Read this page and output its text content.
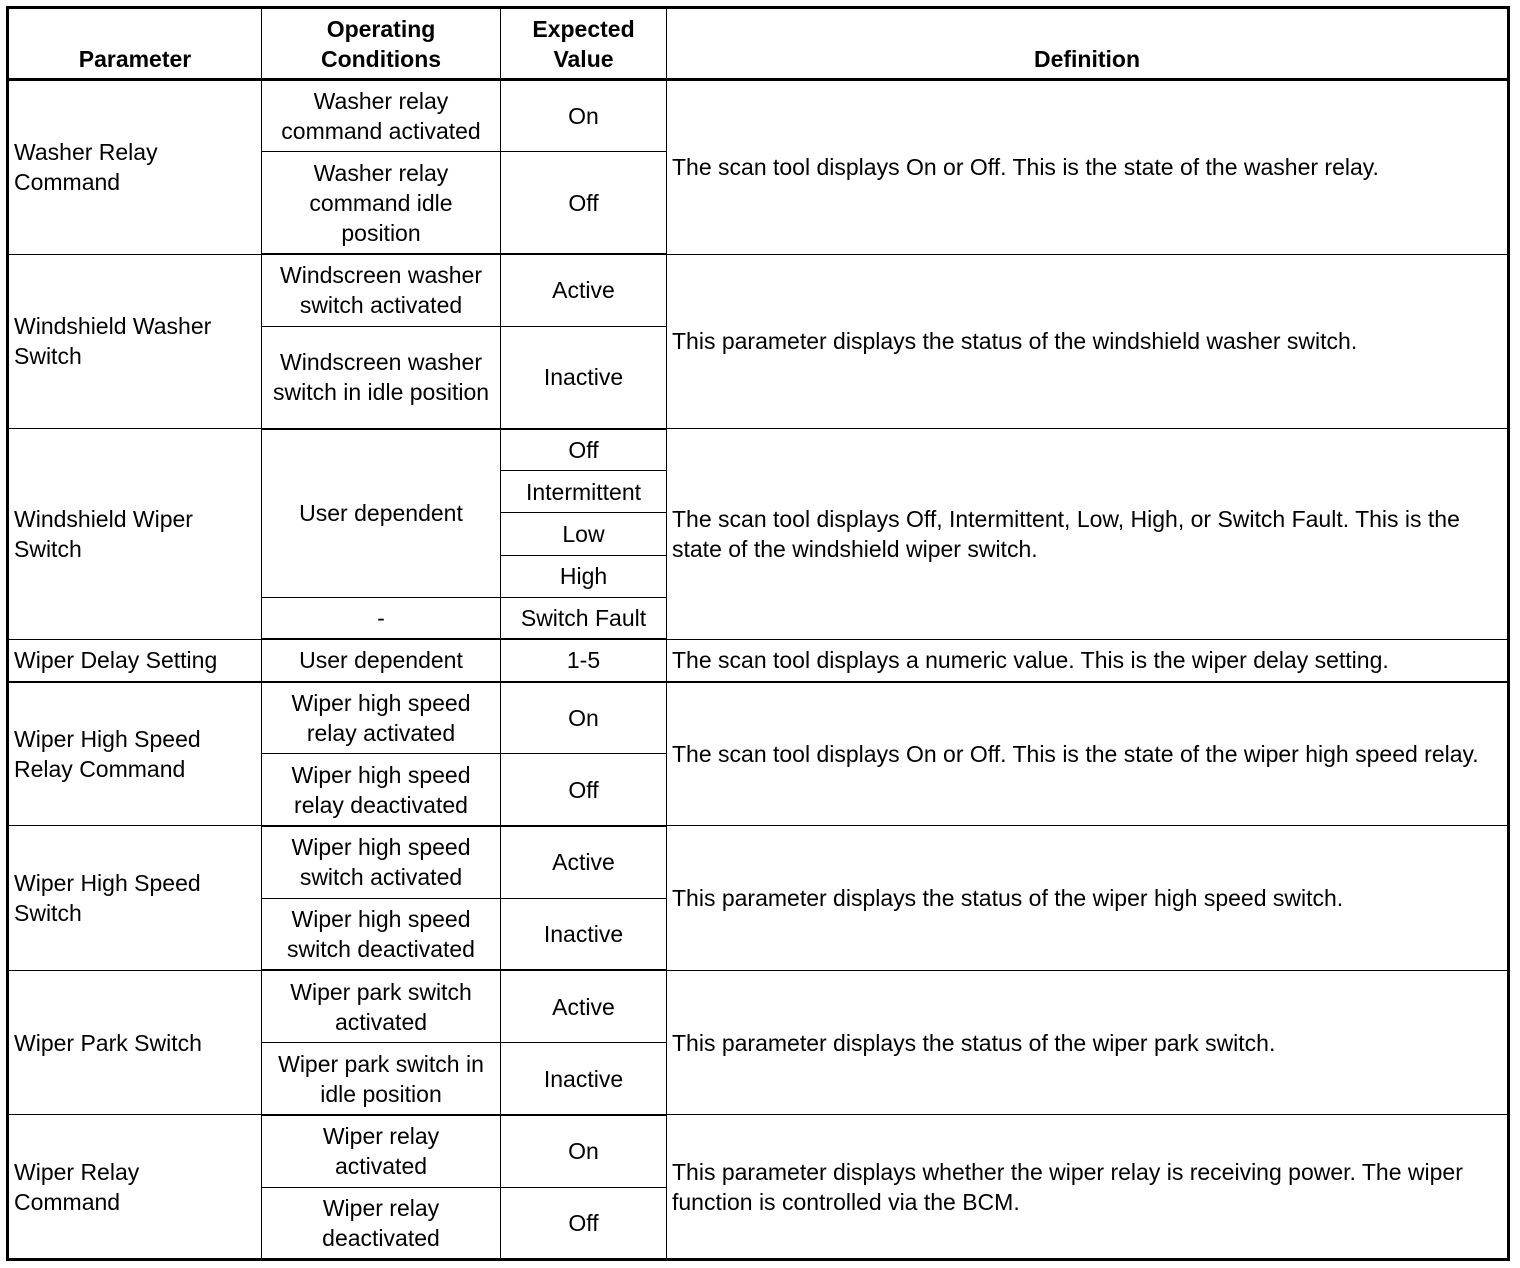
Parameter	Operating Conditions	Expected Value	Definition
Washer Relay Command	Washer relay command activated	On	The scan tool displays On or Off. This is the state of the washer relay.
	Washer relay command idle position	Off	
Windshield Washer Switch	Windscreen washer switch activated	Active	This parameter displays the status of the windshield washer switch.
	Windscreen washer switch in idle position	Inactive	
Windshield Wiper Switch	User dependent	Off	The scan tool displays Off, Intermittent, Low, High, or Switch Fault. This is the state of the windshield wiper switch.
		Intermittent	
		Low	
		High	
	-	Switch Fault	
Wiper Delay Setting	User dependent	1-5	The scan tool displays a numeric value. This is the wiper delay setting.
Wiper High Speed Relay Command	Wiper high speed relay activated	On	The scan tool displays On or Off. This is the state of the wiper high speed relay.
	Wiper high speed relay deactivated	Off	
Wiper High Speed Switch	Wiper high speed switch activated	Active	This parameter displays the status of the wiper high speed switch.
	Wiper high speed switch deactivated	Inactive	
Wiper Park Switch	Wiper park switch activated	Active	This parameter displays the status of the wiper park switch.
	Wiper park switch in idle position	Inactive	
Wiper Relay Command	Wiper relay activated	On	This parameter displays whether the wiper relay is receiving power. The wiper function is controlled via the BCM.
	Wiper relay deactivated	Off	
